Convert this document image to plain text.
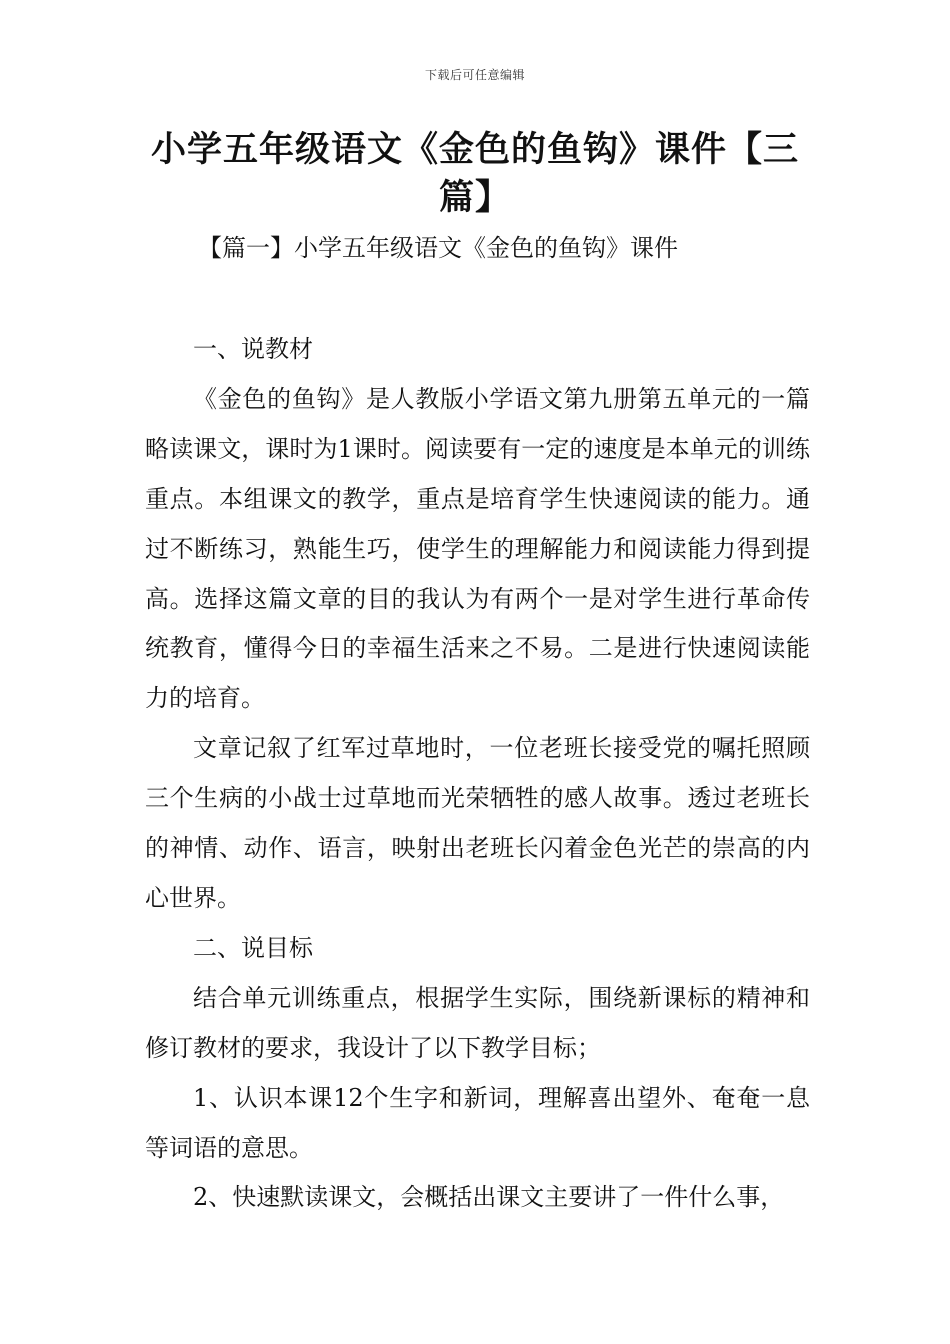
下载后可任意编辑
小学五年级语文《金色的鱼钩》课件【三篇】

【篇一】小学五年级语文《金色的鱼钩》课件

一、说教材

《金色的鱼钩》是人教版小学语文第九册第五单元的一篇略读课文，课时为1课时。阅读要有一定的速度是本单元的训练重点。本组课文的教学，重点是培育学生快速阅读的能力。通过不断练习，熟能生巧，使学生的理解能力和阅读能力得到提高。选择这篇文章的目的我认为有两个一是对学生进行革命传统教育，懂得今日的幸福生活来之不易。二是进行快速阅读能力的培育。

文章记叙了红军过草地时，一位老班长接受党的嘱托照顾三个生病的小战士过草地而光荣牺牲的感人故事。透过老班长的神情、动作、语言，映射出老班长闪着金色光芒的崇高的内心世界。

二、说目标

结合单元训练重点，根据学生实际，围绕新课标的精神和修订教材的要求，我设计了以下教学目标；

1、认识本课12个生字和新词，理解喜出望外、奄奄一息等词语的意思。

2、快速默读课文，会概括出课文主要讲了一件什么事，
